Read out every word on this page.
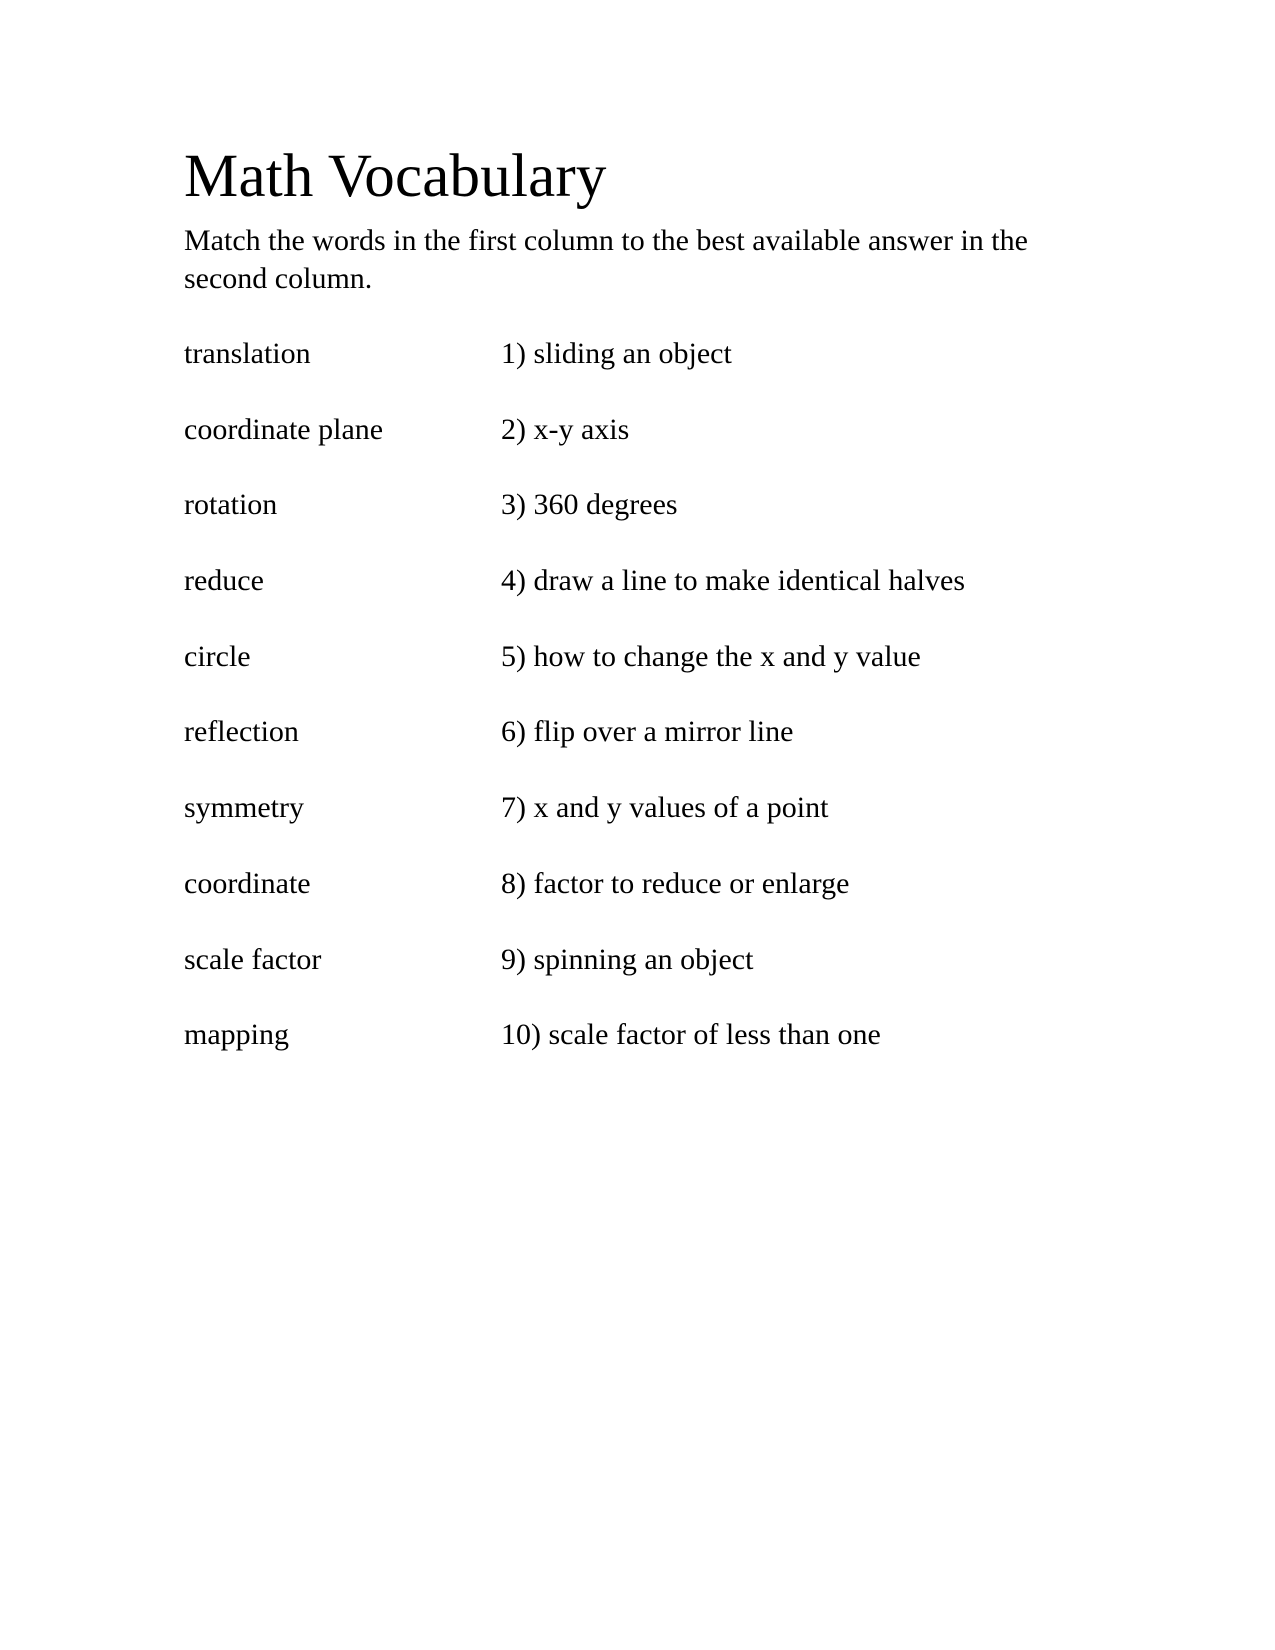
Math Vocabulary

Match the words in the first column to the best available answer in the second column.

translation	1) sliding an object
coordinate plane	2) x-y axis
rotation	3) 360 degrees
reduce	4) draw a line to make identical halves
circle	5) how to change the x and y value
reflection	6) flip over a mirror line
symmetry	7) x and y values of a point
coordinate	8) factor to reduce or enlarge
scale factor	9) spinning an object
mapping	10) scale factor of less than one
